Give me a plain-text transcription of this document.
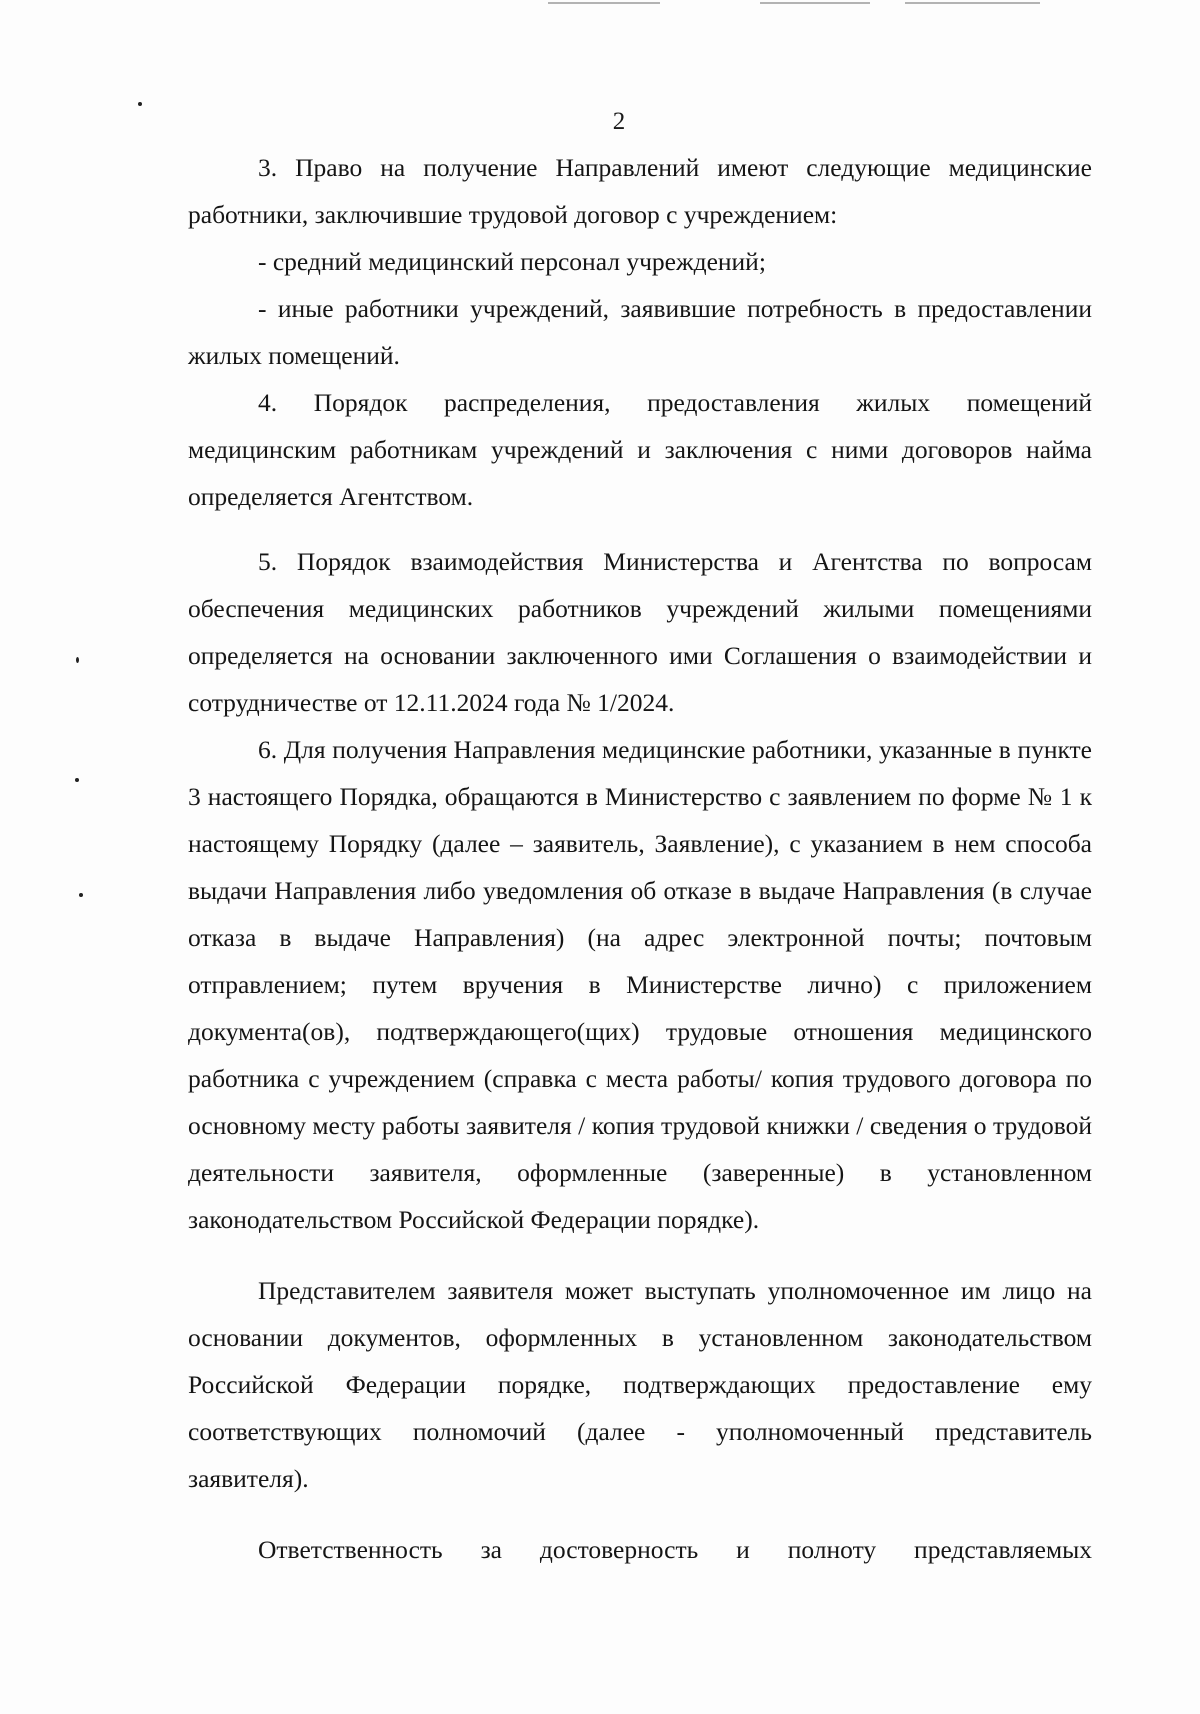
2

3. Право на получение Направлений имеют следующие медицинские работники, заключившие трудовой договор с учреждением:

- средний медицинский персонал учреждений;

- иные работники учреждений, заявившие потребность в предоставлении жилых помещений.

4. Порядок распределения, предоставления жилых помещений медицинским работникам учреждений и заключения с ними договоров найма определяется Агентством.

5. Порядок взаимодействия Министерства и Агентства по вопросам обеспечения медицинских работников учреждений жилыми помещениями определяется на основании заключенного ими Соглашения о взаимодействии и сотрудничестве от 12.11.2024 года № 1/2024.

6. Для получения Направления медицинские работники, указанные в пункте 3 настоящего Порядка, обращаются в Министерство с заявлением по форме № 1 к настоящему Порядку (далее – заявитель, Заявление), с указанием в нем способа выдачи Направления либо уведомления об отказе в выдаче Направления (в случае отказа в выдаче Направления) (на адрес электронной почты; почтовым отправлением; путем вручения в Министерстве лично) с приложением документа(ов), подтверждающего(щих) трудовые отношения медицинского работника с учреждением (справка с места работы/ копия трудового договора по основному месту работы заявителя / копия трудовой книжки / сведения о трудовой деятельности заявителя, оформленные (заверенные) в установленном законодательством Российской Федерации порядке).

Представителем заявителя может выступать уполномоченное им лицо на основании документов, оформленных в установленном законодательством Российской Федерации порядке, подтверждающих предоставление ему соответствующих полномочий (далее - уполномоченный представитель заявителя).

Ответственность за достоверность и полноту представляемых
